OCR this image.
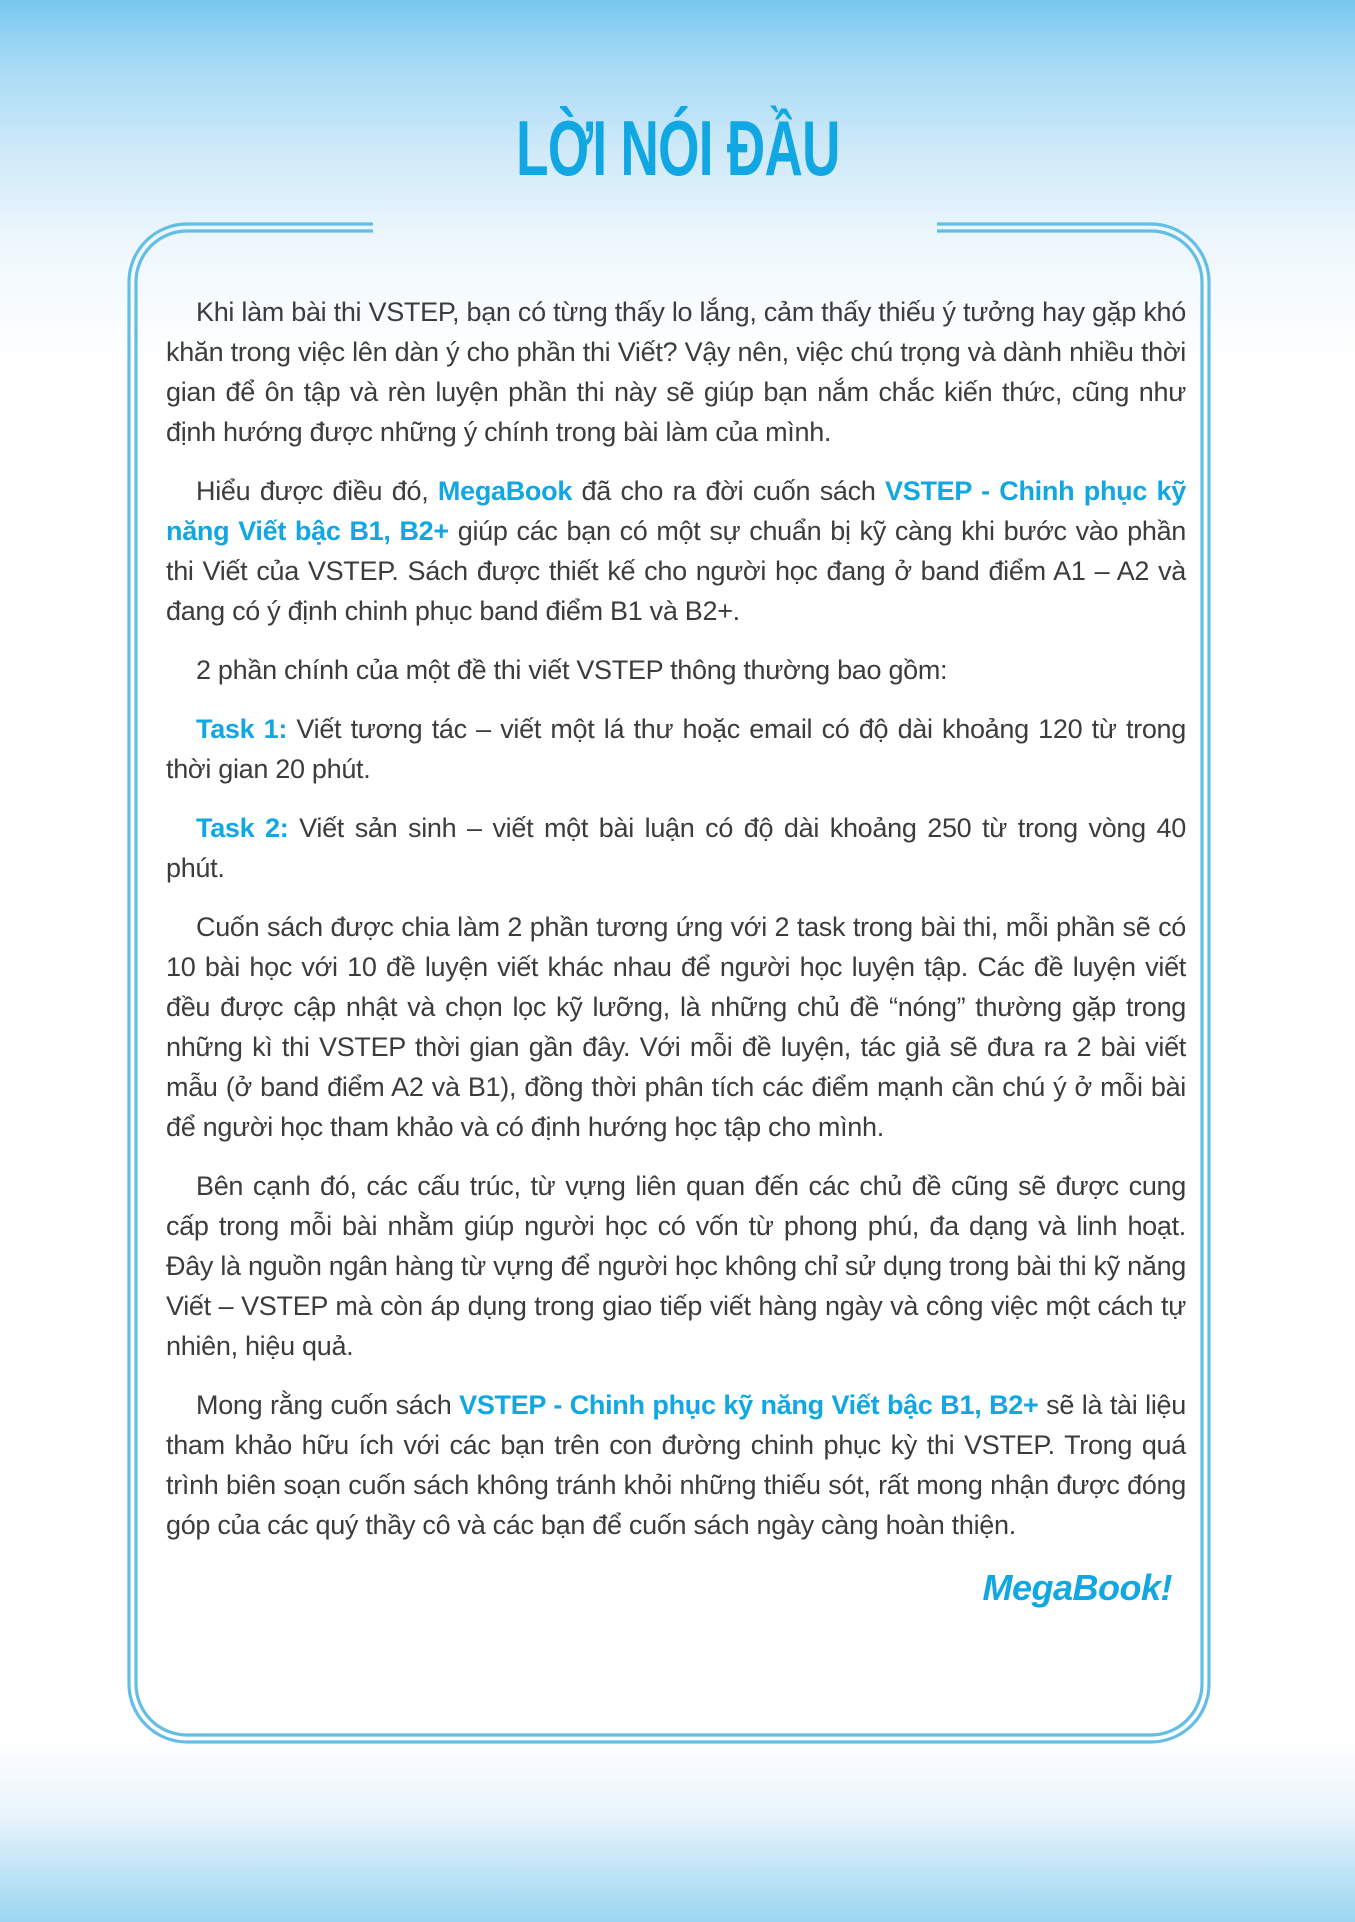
LỜI NÓI ĐẦU

Khi làm bài thi VSTEP, bạn có từng thấy lo lắng, cảm thấy thiếu ý tưởng hay gặp khó khăn trong việc lên dàn ý cho phần thi Viết? Vậy nên, việc chú trọng và dành nhiều thời gian để ôn tập và rèn luyện phần thi này sẽ giúp bạn nắm chắc kiến thức, cũng như định hướng được những ý chính trong bài làm của mình.

Hiểu được điều đó, MegaBook đã cho ra đời cuốn sách VSTEP - Chinh phục kỹ năng Viết bậc B1, B2+ giúp các bạn có một sự chuẩn bị kỹ càng khi bước vào phần thi Viết của VSTEP. Sách được thiết kế cho người học đang ở band điểm A1 – A2 và đang có ý định chinh phục band điểm B1 và B2+.

2 phần chính của một đề thi viết VSTEP thông thường bao gồm:

Task 1: Viết tương tác – viết một lá thư hoặc email có độ dài khoảng 120 từ trong thời gian 20 phút.

Task 2: Viết sản sinh – viết một bài luận có độ dài khoảng 250 từ trong vòng 40 phút.

Cuốn sách được chia làm 2 phần tương ứng với 2 task trong bài thi, mỗi phần sẽ có 10 bài học với 10 đề luyện viết khác nhau để người học luyện tập. Các đề luyện viết đều được cập nhật và chọn lọc kỹ lưỡng, là những chủ đề “nóng” thường gặp trong những kì thi VSTEP thời gian gần đây. Với mỗi đề luyện, tác giả sẽ đưa ra 2 bài viết mẫu (ở band điểm A2 và B1), đồng thời phân tích các điểm mạnh cần chú ý ở mỗi bài để người học tham khảo và có định hướng học tập cho mình.

Bên cạnh đó, các cấu trúc, từ vựng liên quan đến các chủ đề cũng sẽ được cung cấp trong mỗi bài nhằm giúp người học có vốn từ phong phú, đa dạng và linh hoạt. Đây là nguồn ngân hàng từ vựng để người học không chỉ sử dụng trong bài thi kỹ năng Viết – VSTEP mà còn áp dụng trong giao tiếp viết hàng ngày và công việc một cách tự nhiên, hiệu quả.

Mong rằng cuốn sách VSTEP - Chinh phục kỹ năng Viết bậc B1, B2+ sẽ là tài liệu tham khảo hữu ích với các bạn trên con đường chinh phục kỳ thi VSTEP. Trong quá trình biên soạn cuốn sách không tránh khỏi những thiếu sót, rất mong nhận được đóng góp của các quý thầy cô và các bạn để cuốn sách ngày càng hoàn thiện.

MegaBook!
